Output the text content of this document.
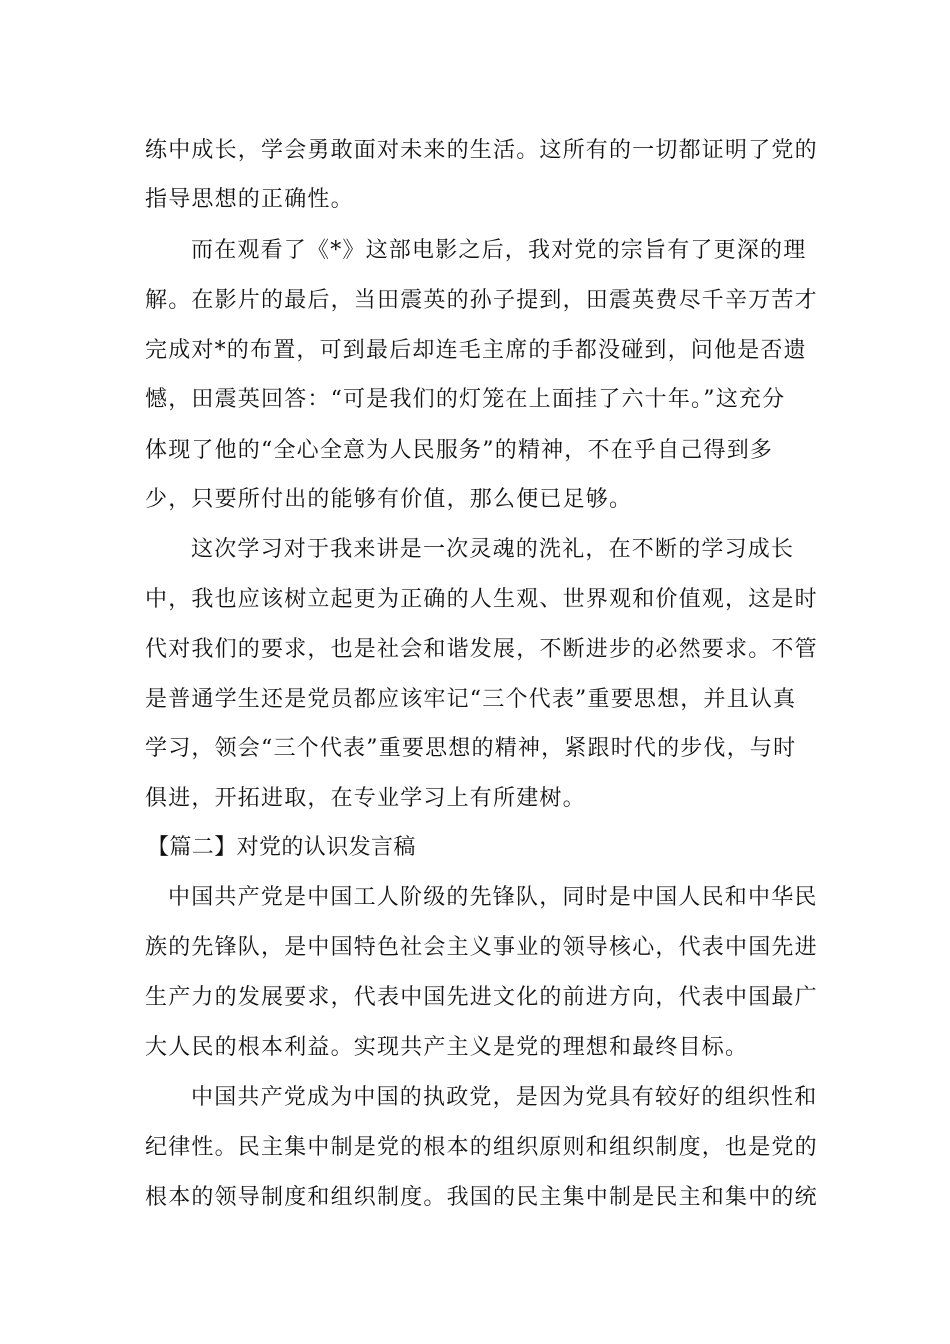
练中成长，学会勇敢面对未来的生活。这所有的一切都证明了党的
指导思想的正确性。
而在观看了《*》这部电影之后，我对党的宗旨有了更深的理
解。在影片的最后，当田震英的孙子提到，田震英费尽千辛万苦才
完成对*的布置，可到最后却连毛主席的手都没碰到，问他是否遗
憾，田震英回答：“可是我们的灯笼在上面挂了六十年。”这充分
体现了他的“全心全意为人民服务”的精神，不在乎自己得到多
少，只要所付出的能够有价值，那么便已足够。
这次学习对于我来讲是一次灵魂的洗礼，在不断的学习成长
中，我也应该树立起更为正确的人生观、世界观和价值观，这是时
代对我们的要求，也是社会和谐发展，不断进步的必然要求。不管
是普通学生还是党员都应该牢记“三个代表”重要思想，并且认真
学习，领会“三个代表”重要思想的精神，紧跟时代的步伐，与时
俱进，开拓进取，在专业学习上有所建树。
【篇二】对党的认识发言稿
中国共产党是中国工人阶级的先锋队，同时是中国人民和中华民
族的先锋队，是中国特色社会主义事业的领导核心，代表中国先进
生产力的发展要求，代表中国先进文化的前进方向，代表中国最广
大人民的根本利益。实现共产主义是党的理想和最终目标。
中国共产党成为中国的执政党，是因为党具有较好的组织性和
纪律性。民主集中制是党的根本的组织原则和组织制度，也是党的
根本的领导制度和组织制度。我国的民主集中制是民主和集中的统
